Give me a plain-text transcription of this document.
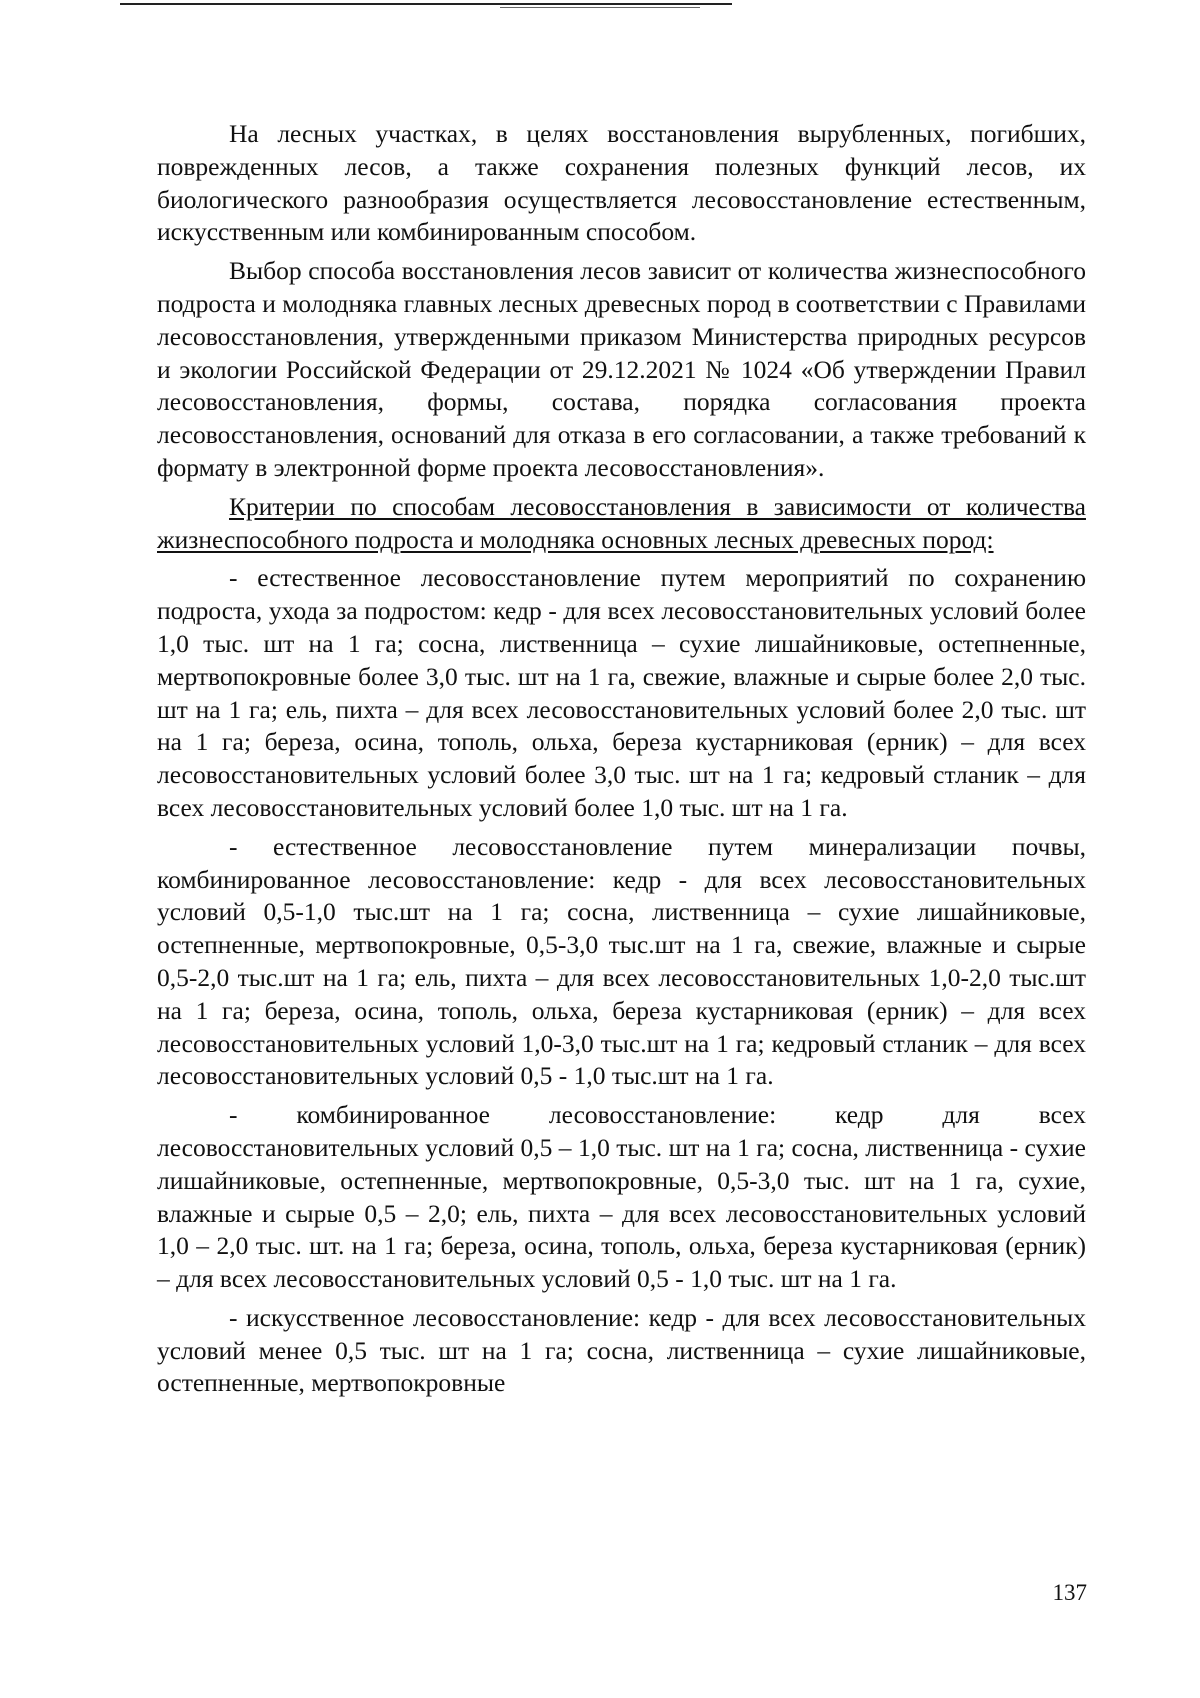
На лесных участках, в целях восстановления вырубленных, погибших, поврежденных лесов, а также сохранения полезных функций лесов, их биологического разнообразия осуществляется лесовосстановление естественным, искусственным или комбинированным способом.

Выбор способа восстановления лесов зависит от количества жизнеспособного подроста и молодняка главных лесных древесных пород в соответствии с Правилами лесовосстановления, утвержденными приказом Министерства природных ресурсов и экологии Российской Федерации от 29.12.2021 № 1024 «Об утверждении Правил лесовосстановления, формы, состава, порядка согласования проекта лесовосстановления, оснований для отказа в его согласовании, а также требований к формату в электронной форме проекта лесовосстановления».

Критерии по способам лесовосстановления в зависимости от количества жизнеспособного подроста и молодняка основных лесных древесных пород:

- естественное лесовосстановление путем мероприятий по сохранению подроста, ухода за подростом: кедр - для всех лесовосстановительных условий более 1,0 тыс. шт на 1 га; сосна, лиственница – сухие лишайниковые, остепненные, мертвопокровные более 3,0 тыс. шт на 1 га, свежие, влажные и сырые более 2,0 тыс. шт на 1 га; ель, пихта – для всех лесовосстановительных условий более 2,0 тыс. шт на 1 га; береза, осина, тополь, ольха, береза кустарниковая (ерник) – для всех лесовосстановительных условий более 3,0 тыс. шт на 1 га; кедровый стланик – для всех лесовосстановительных условий более 1,0 тыс. шт на 1 га.

- естественное лесовосстановление путем минерализации почвы, комбинированное лесовосстановление: кедр - для всех лесовосстановительных условий 0,5-1,0 тыс.шт на 1 га; сосна, лиственница – сухие лишайниковые, остепненные, мертвопокровные, 0,5-3,0 тыс.шт на 1 га, свежие, влажные и сырые 0,5-2,0 тыс.шт на 1 га; ель, пихта – для всех лесовосстановительных 1,0-2,0 тыс.шт на 1 га; береза, осина, тополь, ольха, береза кустарниковая (ерник) – для всех лесовосстановительных условий 1,0-3,0 тыс.шт на 1 га; кедровый стланик – для всех лесовосстановительных условий 0,5 - 1,0 тыс.шт на 1 га.

- комбинированное лесовосстановление: кедр для всех лесовосстановительных условий 0,5 – 1,0 тыс. шт на 1 га; сосна, лиственница - сухие лишайниковые, остепненные, мертвопокровные, 0,5-3,0 тыс. шт на 1 га, сухие, влажные и сырые 0,5 – 2,0; ель, пихта – для всех лесовосстановительных условий 1,0 – 2,0 тыс. шт. на 1 га; береза, осина, тополь, ольха, береза кустарниковая (ерник) – для всех лесовосстановительных условий 0,5 - 1,0 тыс. шт на 1 га.

- искусственное лесовосстановление: кедр - для всех лесовосстановительных условий менее 0,5 тыс. шт на 1 га; сосна, лиственница – сухие лишайниковые, остепненные, мертвопокровные

137
